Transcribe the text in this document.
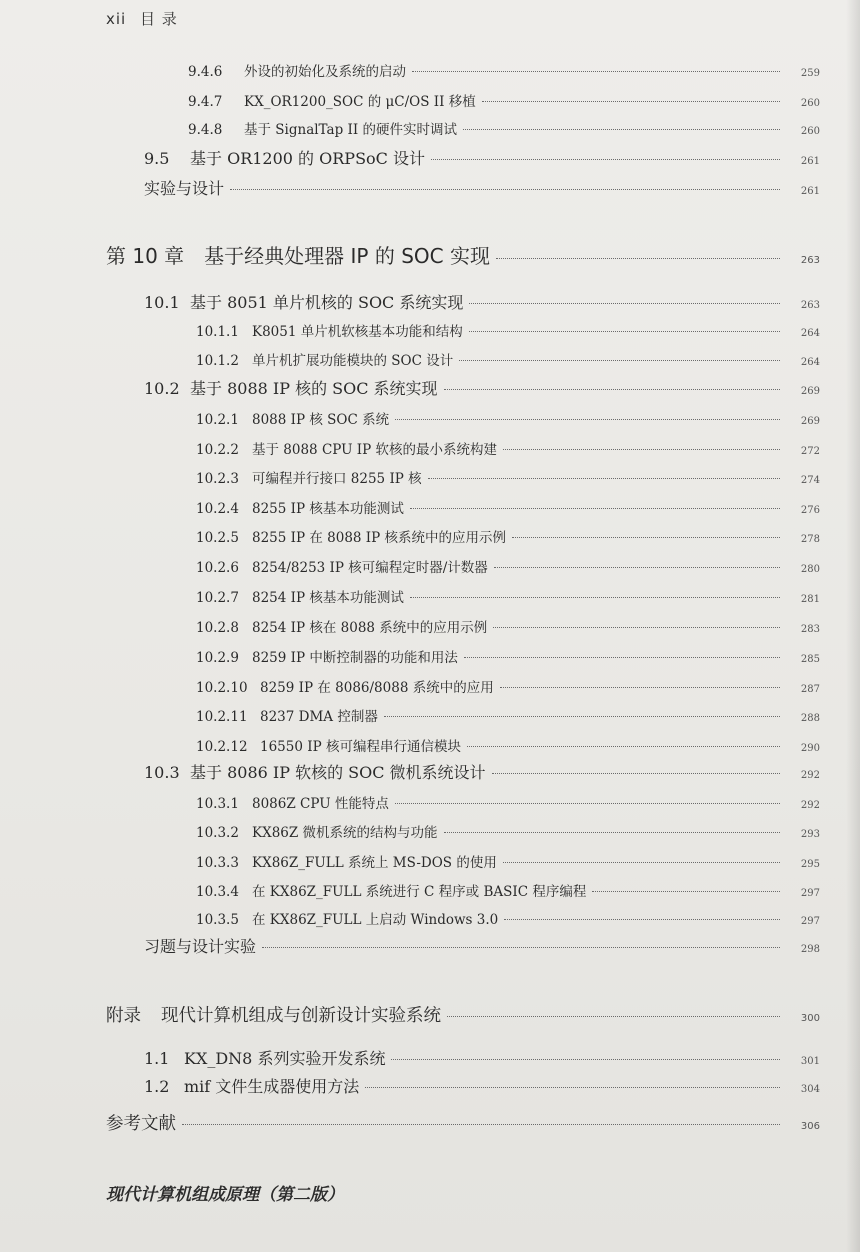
xii 目 录
9.4.6	外设的初始化及系统的启动	259
9.4.7	KX_OR1200_SOC 的 μC/OS II 移植	260
9.4.8	基于 SignalTap II 的硬件实时调试	260
9.5	基于 OR1200 的 ORPSoC 设计	261
实验与设计	261
第 10 章 基于经典处理器 IP 的 SOC 实现	263
10.1 基于 8051 单片机核的 SOC 系统实现	263
10.1.1 K8051 单片机软核基本功能和结构	264
10.1.2 单片机扩展功能模块的 SOC 设计	264
10.2 基于 8088 IP 核的 SOC 系统实现	269
10.2.1 8088 IP 核 SOC 系统	269
10.2.2 基于 8088 CPU IP 软核的最小系统构建	272
10.2.3 可编程并行接口 8255 IP 核	274
10.2.4 8255 IP 核基本功能测试	276
10.2.5 8255 IP 在 8088 IP 核系统中的应用示例	278
10.2.6 8254/8253 IP 核可编程定时器/计数器	280
10.2.7 8254 IP 核基本功能测试	281
10.2.8 8254 IP 核在 8088 系统中的应用示例	283
10.2.9 8259 IP 中断控制器的功能和用法	285
10.2.10 8259 IP 在 8086/8088 系统中的应用	287
10.2.11 8237 DMA 控制器	288
10.2.12 16550 IP 核可编程串行通信模块	290
10.3 基于 8086 IP 软核的 SOC 微机系统设计	292
10.3.1 8086Z CPU 性能特点	292
10.3.2 KX86Z 微机系统的结构与功能	293
10.3.3 KX86Z_FULL 系统上 MS-DOS 的使用	295
10.3.4 在 KX86Z_FULL 系统进行 C 程序或 BASIC 程序编程	297
10.3.5 在 KX86Z_FULL 上启动 Windows 3.0	297
习题与设计实验	298
附录 现代计算机组成与创新设计实验系统	300
1.1 KX_DN8 系列实验开发系统	301
1.2 mif 文件生成器使用方法	304
参考文献	306
现代计算机组成原理（第二版）
